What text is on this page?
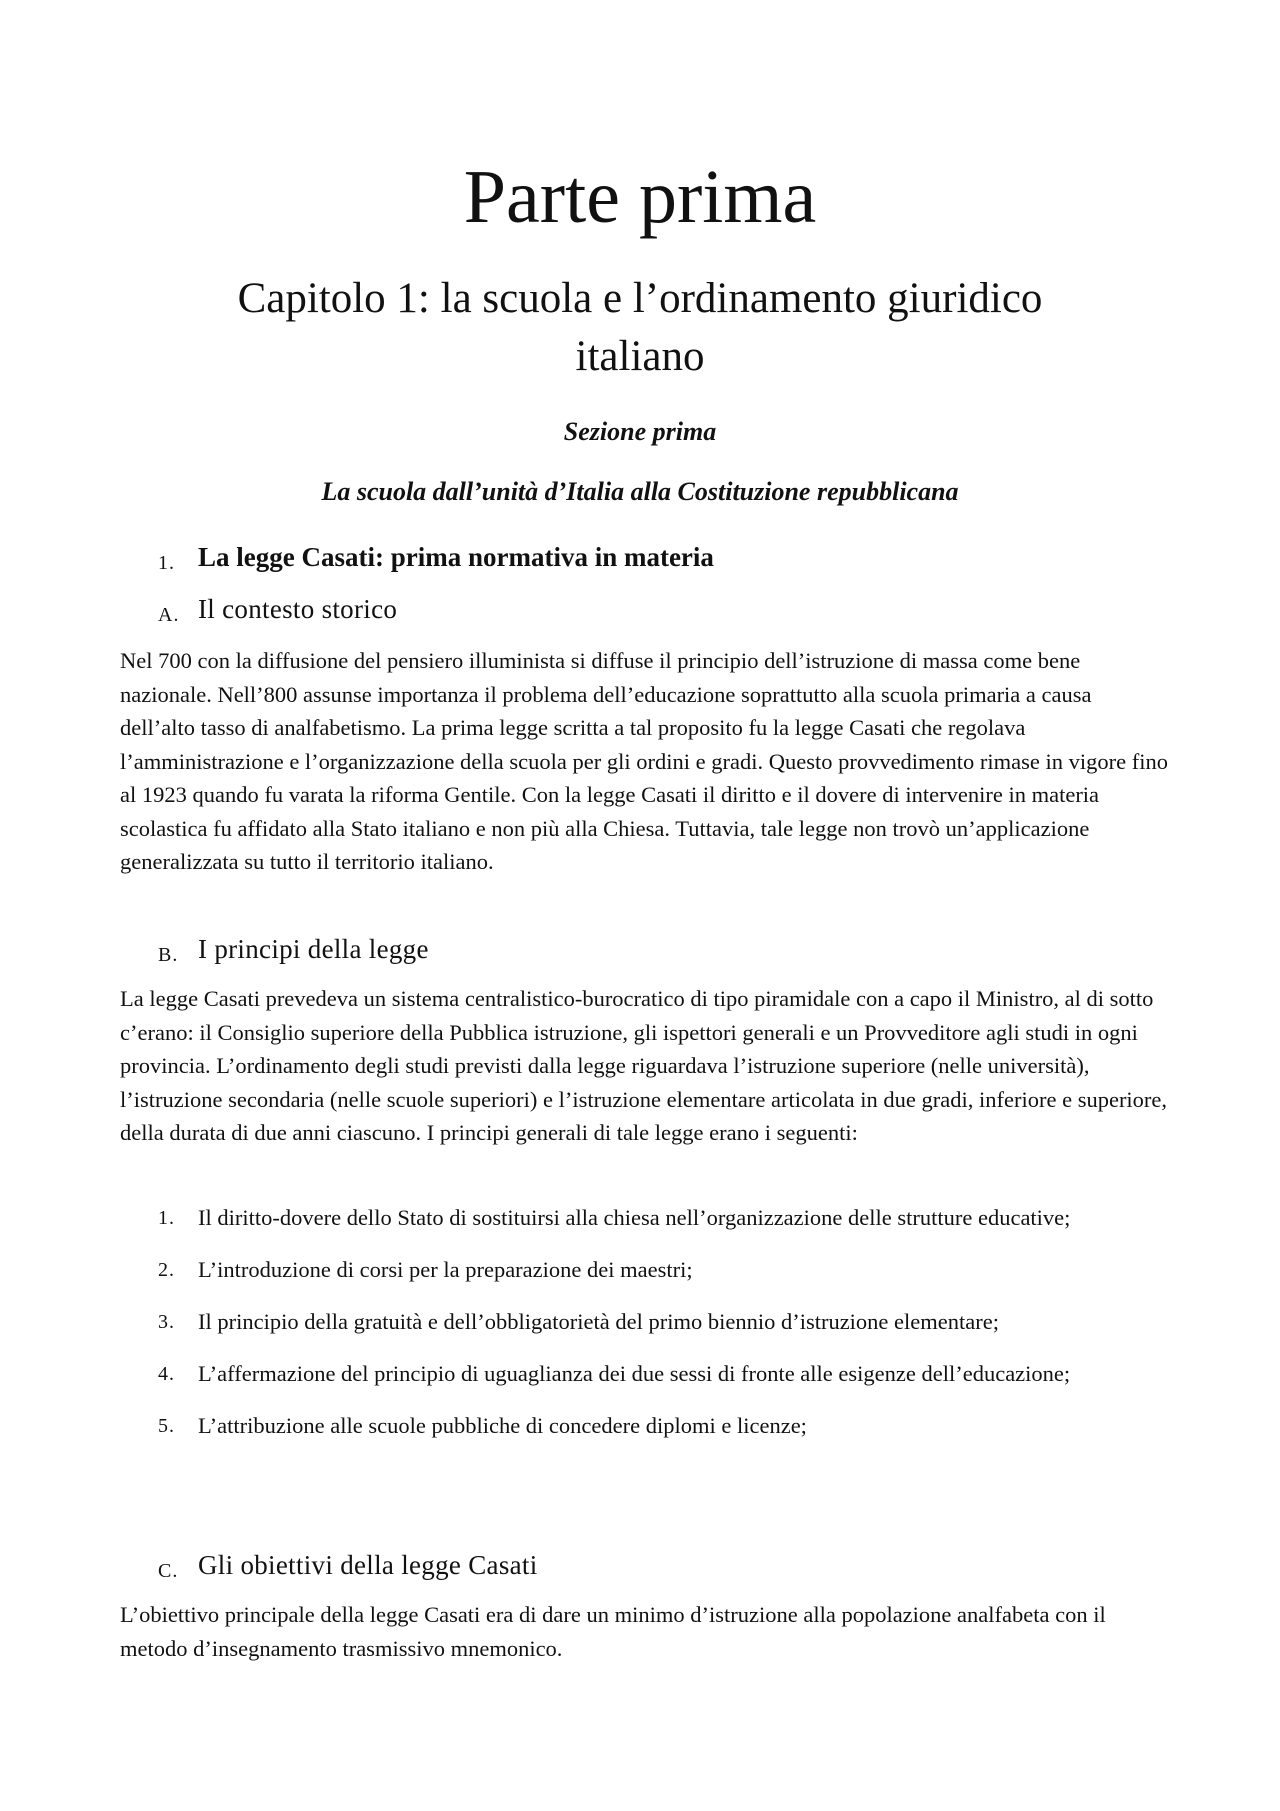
Parte prima
Capitolo 1: la scuola e l’ordinamento giuridico italiano

Sezione prima

La scuola dall’unità d’Italia alla Costituzione repubblicana

1. La legge Casati: prima normativa in materia
A. Il contesto storico

Nel 700 con la diffusione del pensiero illuminista si diffuse il principio dell’istruzione di massa come bene nazionale. Nell’800 assunse importanza il problema dell’educazione soprattutto alla scuola primaria a causa dell’alto tasso di analfabetismo. La prima legge scritta a tal proposito fu la legge Casati che regolava l’amministrazione e l’organizzazione della scuola per gli ordini e gradi. Questo provvedimento rimase in vigore fino al 1923 quando fu varata la riforma Gentile. Con la legge Casati il diritto e il dovere di intervenire in materia scolastica fu affidato alla Stato italiano e non più alla Chiesa. Tuttavia, tale legge non trovò un’applicazione generalizzata su tutto il territorio italiano.

B. I principi della legge

La legge Casati prevedeva un sistema centralistico-burocratico di tipo piramidale con a capo il Ministro, al di sotto c’erano: il Consiglio superiore della Pubblica istruzione, gli ispettori generali e un Provveditore agli studi in ogni provincia. L’ordinamento degli studi previsti dalla legge riguardava l’istruzione superiore (nelle università), l’istruzione secondaria (nelle scuole superiori) e l’istruzione elementare articolata in due gradi, inferiore e superiore, della durata di due anni ciascuno. I principi generali di tale legge erano i seguenti:

1. Il diritto-dovere dello Stato di sostituirsi alla chiesa nell’organizzazione delle strutture educative;
2. L’introduzione di corsi per la preparazione dei maestri;
3. Il principio della gratuità e dell’obbligatorietà del primo biennio d’istruzione elementare;
4. L’affermazione del principio di uguaglianza dei due sessi di fronte alle esigenze dell’educazione;
5. L’attribuzione alle scuole pubbliche di concedere diplomi e licenze;
C. Gli obiettivi della legge Casati

L’obiettivo principale della legge Casati era di dare un minimo d’istruzione alla popolazione analfabeta con il metodo d’insegnamento trasmissivo mnemonico.
